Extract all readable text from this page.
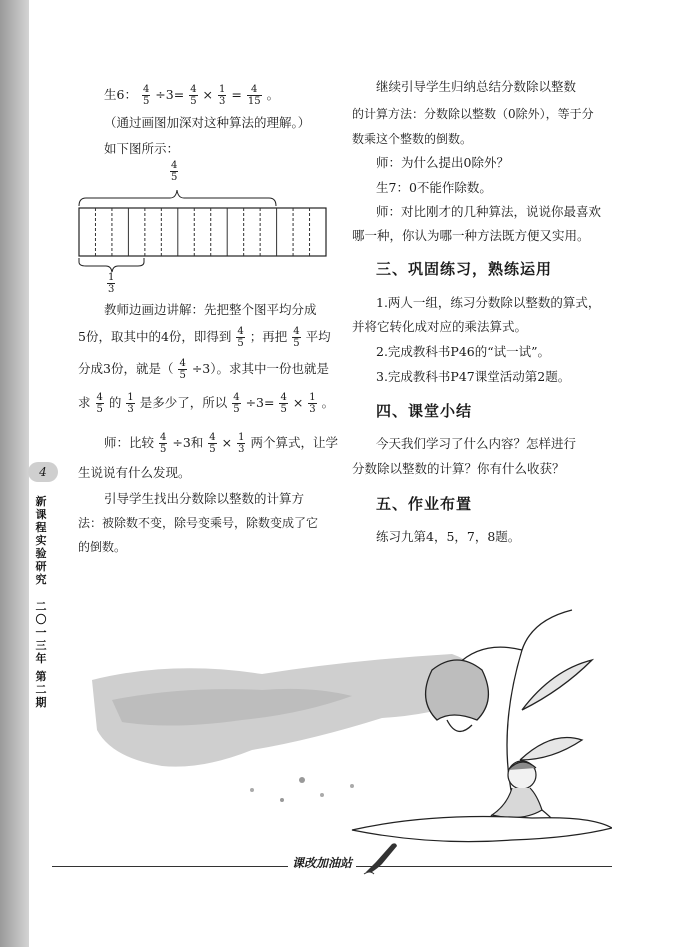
4
新
课
程
实
验
研
究
二
〇
一
三
年
第
二
期
生6： $\frac{4}{5} \div 3= \frac{4}{5} \times \frac{1}{3} = \frac{4}{15}$ 。
（通过画图加深对这种算法的理解。）
如下图所示：
$\frac{4}{5}$
$\frac{1}{3}$
教师边画边讲解：先把整个图平均分成
5份，取其中的4份，即得到 $\frac{4}{5}$ ；再把 $\frac{4}{5}$ 平均
分成3份，就是（ $\frac{4}{5} \div 3$）。求其中一份也就是
求 $\frac{4}{5}$ 的 $\frac{1}{3}$ 是多少了，所以 $\frac{4}{5} \div 3= \frac{4}{5} \times \frac{1}{3}$ 。
师：比较 $\frac{4}{5} \div 3$和 $\frac{4}{5} \times \frac{1}{3}$ 两个算式，让学
生说说有什么发现。
引导学生找出分数除以整数的计算方
法：被除数不变，除号变乘号，除数变成了它
的倒数。
继续引导学生归纳总结分数除以整数
的计算方法：分数除以整数（0除外），等于分
数乘这个整数的倒数。
师：为什么提出0除外？
生7：0不能作除数。
师：对比刚才的几种算法，说说你最喜欢
哪一种，你认为哪一种方法既方便又实用。
三、巩固练习，熟练运用
1.两人一组，练习分数除以整数的算式，
并将它转化成对应的乘法算式。
2.完成教科书P46的“试一试”。
3.完成教科书P47课堂活动第2题。
四、课堂小结
今天我们学习了什么内容？怎样进行
分数除以整数的计算？你有什么收获？
五、作业布置
练习九第4，5，7，8题。
课改加油站
